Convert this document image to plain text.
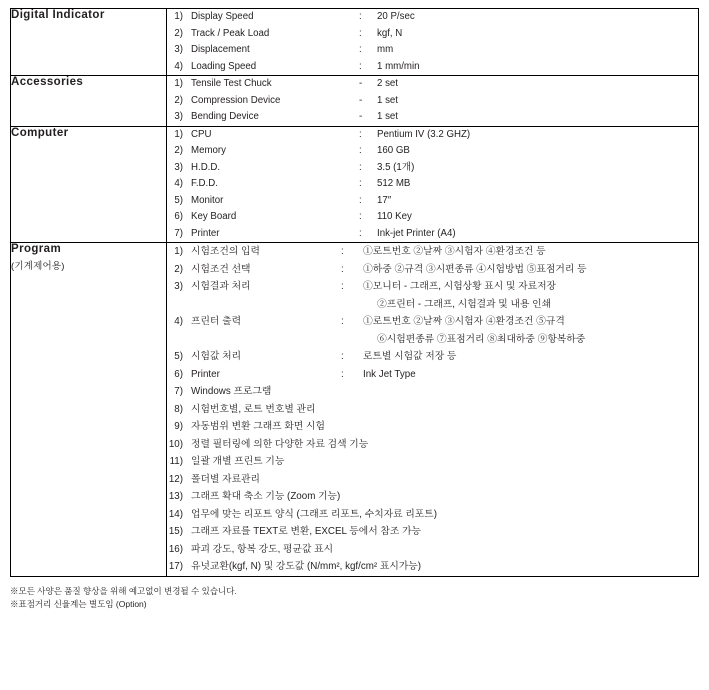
Digital Indicator	1) Display Speed	:	20 P/sec
2) Track / Peak Load	:	kgf, N
3) Displacement	:	mm
4) Loading Speed	:	1 mm/min

Accessories	1) Tensile Test Chuck	-	2 set
2) Compression Device	-	1 set
3) Bending Device	-	1 set

Computer	1) CPU	:	Pentium IV (3.2 GHZ)
2) Memory	:	160 GB
3) H.D.D.	:	3.5 (1개)
4) F.D.D.	:	512 MB
5) Monitor	:	17″
6) Key Board	:	110 Key
7) Printer	:	Ink-jet Printer (A4)

Program
(기계제어용)

1) 시험조건의 입력	:	①로트번호 ②날짜 ③시험자 ④환경조건 등
2) 시험조건 선택	:	①하중 ②규격 ③시편종류 ④시험방법 ⑤표점거리 등
3) 시험결과 처리	:	①모니터 - 그래프, 시험상황 표시 및 자료저장
②프린터 - 그래프, 시험결과 및 내용 인쇄
4) 프린터 출력	:	①로트번호 ②날짜 ③시험자 ④환경조건 ⑤규격
⑥시험편종류 ⑦표점거리 ⑧최대하중 ⑨항복하중
5) 시험값 처리	:	로트별 시험값 저장 등
6) Printer	:	Ink Jet Type
7) Windows 프로그램
8) 시험번호별, 로트 번호별 관리
9) 자동범위 변환 그래프 화면 시험
10) 정렬 필터링에 의한 다양한 자료 검색 기능
11) 일괄 개별 프린트 기능
12) 폴더별 자료관리
13) 그래프 확대 축소 기능 (Zoom 기능)
14) 업무에 맞는 리포트 양식 (그래프 리포트, 수치자료 리포트)
15) 그래프 자료를 TEXT로 변환, EXCEL 등에서 참조 가능
16) 파괴 강도, 항복 강도, 평균값 표시
17) 유넛교환(kgf, N) 및 강도값 (N/mm², kgf/cm² 표시가능)
※모든 사양은 품질 향상을 위해 예고없이 변경될 수 있습니다.
※표점거리 신율계는 별도임 (Option)
